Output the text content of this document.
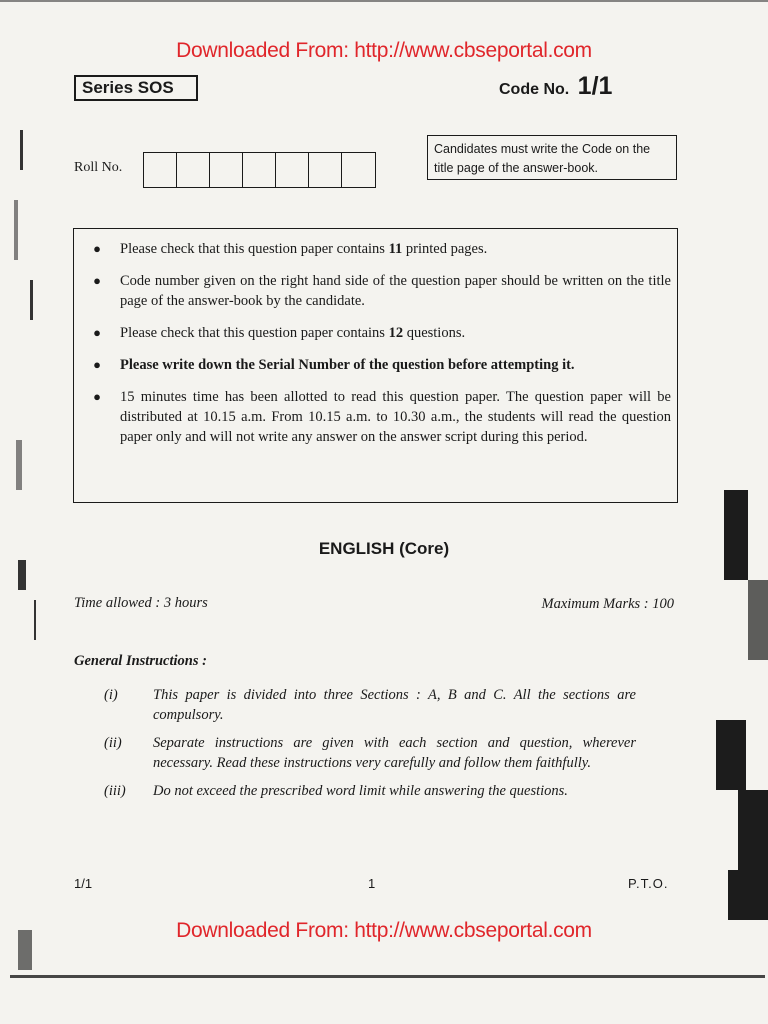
Downloaded From: http://www.cbseportal.com
Series SOS	Code No. 1/1
Candidates must write the Code on the title page of the answer-book.
Roll No.
●	Please check that this question paper contains 11 printed pages.
●	Code number given on the right hand side of the question paper should be written on the title page of the answer-book by the candidate.
●	Please check that this question paper contains 12 questions.
●	Please write down the Serial Number of the question before attempting it.
●	15 minutes time has been allotted to read this question paper. The question paper will be distributed at 10.15 a.m. From 10.15 a.m. to 10.30 a.m., the students will read the question paper only and will not write any answer on the answer script during this period.
ENGLISH (Core)
Time allowed : 3 hours	Maximum Marks : 100
General Instructions :
(i)	This paper is divided into three Sections : A, B and C. All the sections are compulsory.
(ii)	Separate instructions are given with each section and question, wherever necessary. Read these instructions very carefully and follow them faithfully.
(iii)	Do not exceed the prescribed word limit while answering the questions.
1/1	1	P.T.O.
Downloaded From: http://www.cbseportal.com
